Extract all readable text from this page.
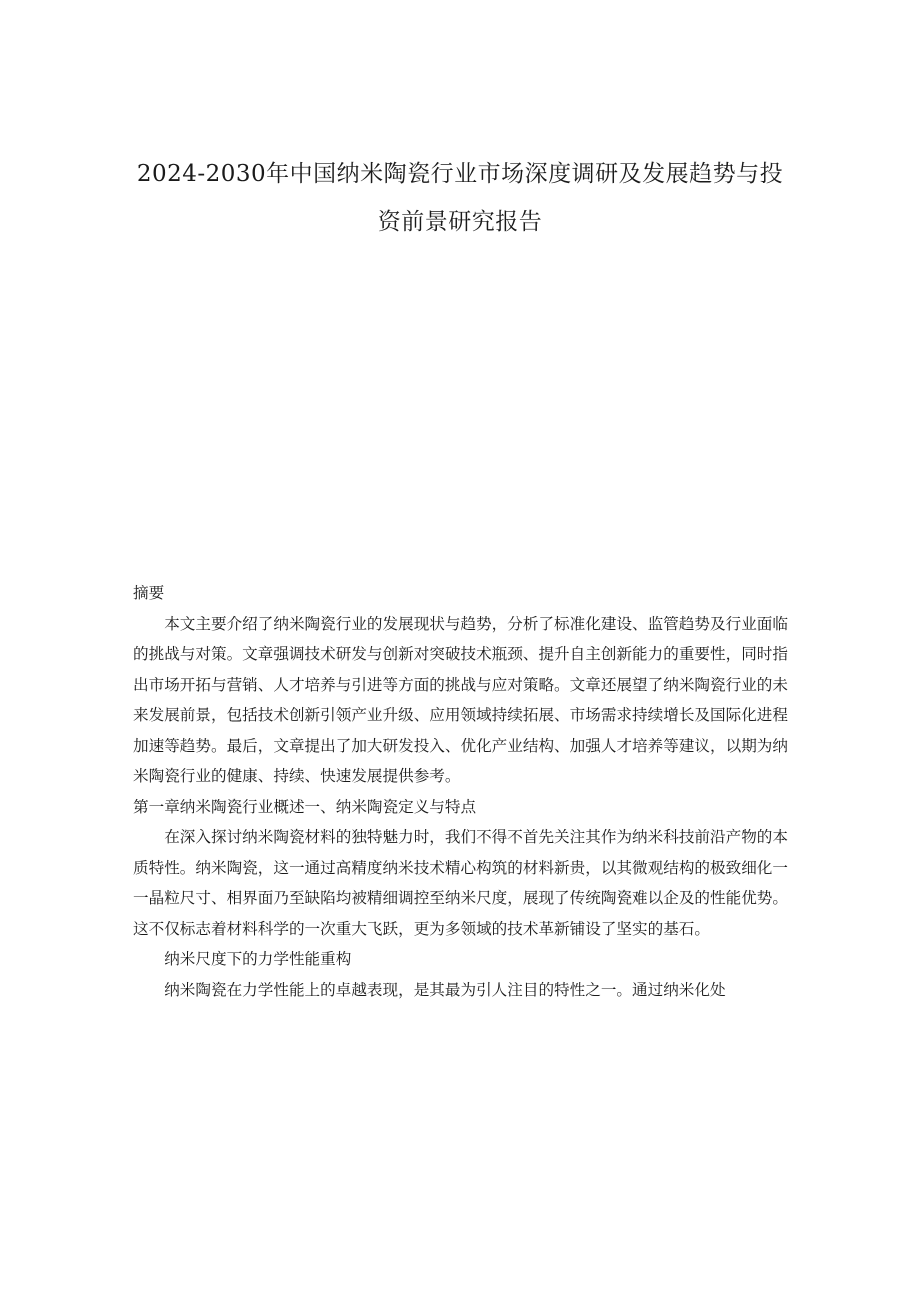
2024-2030年中国纳米陶瓷行业市场深度调研及发展趋势与投资前景研究报告

摘要

本文主要介绍了纳米陶瓷行业的发展现状与趋势，分析了标准化建设、监管趋势及行业面临的挑战与对策。文章强调技术研发与创新对突破技术瓶颈、提升自主创新能力的重要性，同时指出市场开拓与营销、人才培养与引进等方面的挑战与应对策略。文章还展望了纳米陶瓷行业的未来发展前景，包括技术创新引领产业升级、应用领域持续拓展、市场需求持续增长及国际化进程加速等趋势。最后，文章提出了加大研发投入、优化产业结构、加强人才培养等建议，以期为纳米陶瓷行业的健康、持续、快速发展提供参考。

第一章纳米陶瓷行业概述一、纳米陶瓷定义与特点

在深入探讨纳米陶瓷材料的独特魅力时，我们不得不首先关注其作为纳米科技前沿产物的本质特性。纳米陶瓷，这一通过高精度纳米技术精心构筑的材料新贵，以其微观结构的极致细化一一晶粒尺寸、相界面乃至缺陷均被精细调控至纳米尺度，展现了传统陶瓷难以企及的性能优势。这不仅标志着材料科学的一次重大飞跃，更为多领域的技术革新铺设了坚实的基石。

纳米尺度下的力学性能重构

纳米陶瓷在力学性能上的卓越表现，是其最为引人注目的特性之一。通过纳米化处
